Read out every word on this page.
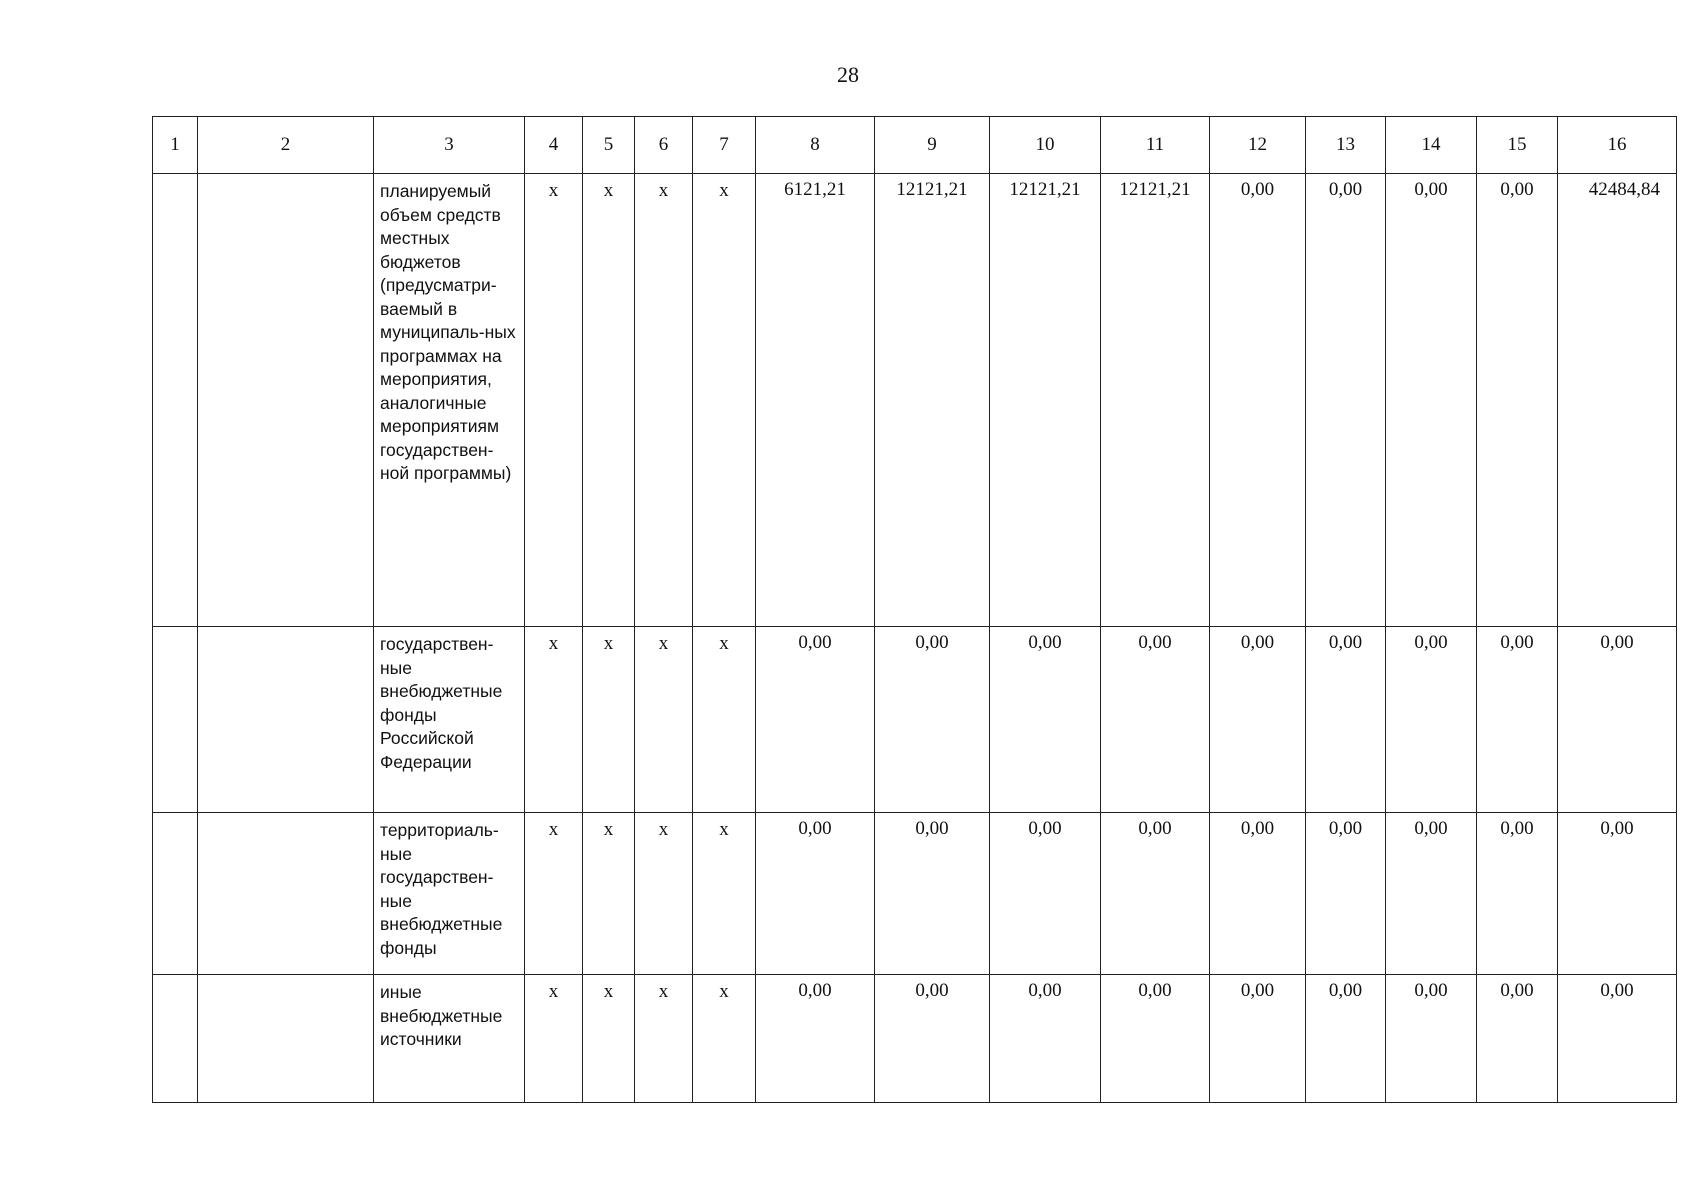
28
1	2	3	4	5	6	7	8	9	10	11	12	13	14	15	16
		планируемый объем средств местных бюджетов (предусматри-ваемый в муниципаль-ных программах на мероприятия, аналогичные мероприятиям государствен-ной программы)	х	х	х	х	6121,21	12121,21	12121,21	12121,21	0,00	0,00	0,00	0,00	42484,84
		государствен-ные внебюджетные фонды Российской Федерации	х	х	х	х	0,00	0,00	0,00	0,00	0,00	0,00	0,00	0,00	0,00
		территориаль-ные государствен-ные внебюджетные фонды	х	х	х	х	0,00	0,00	0,00	0,00	0,00	0,00	0,00	0,00	0,00
		иные внебюджетные источники	х	х	х	х	0,00	0,00	0,00	0,00	0,00	0,00	0,00	0,00	0,00
